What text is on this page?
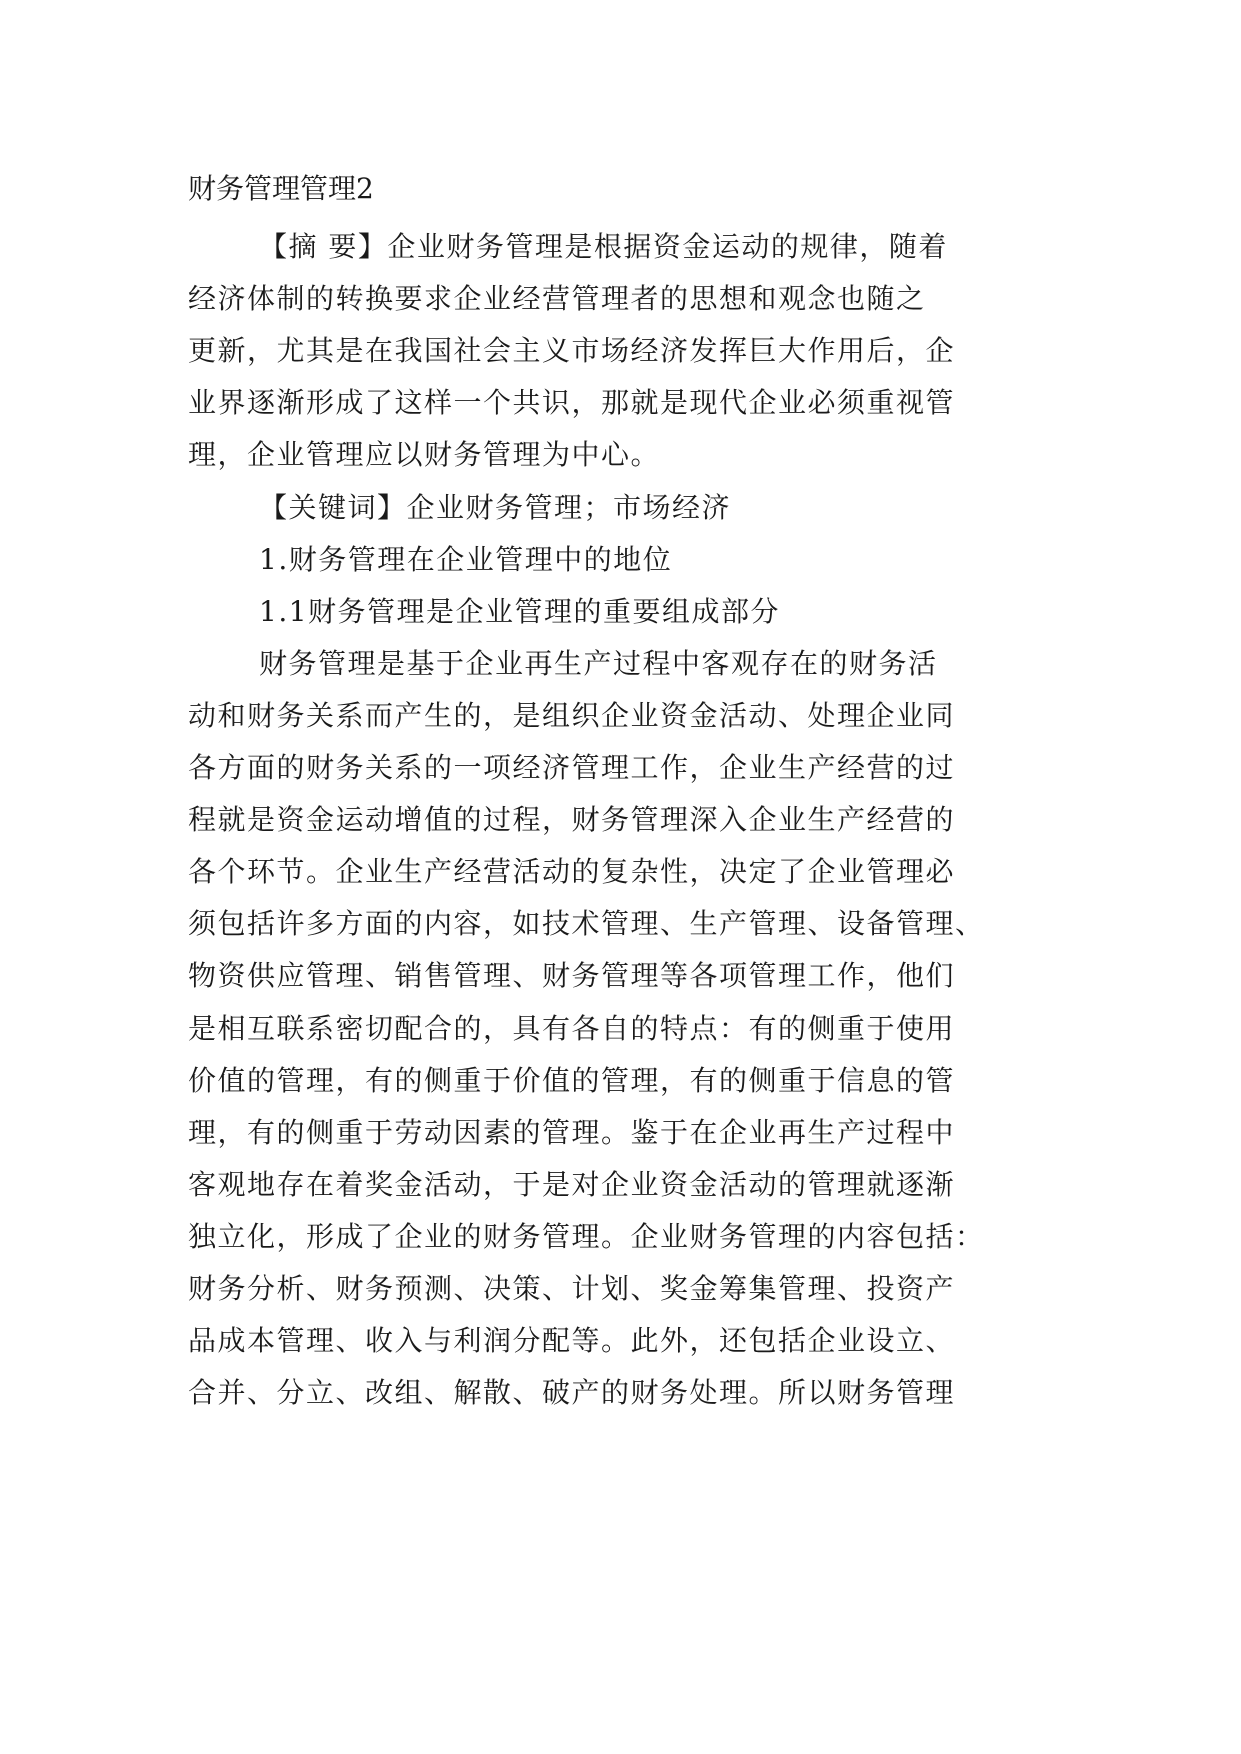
财务管理管理2

【摘 要】企业财务管理是根据资金运动的规律，随着

经济体制的转换要求企业经营管理者的思想和观念也随之

更新，尤其是在我国社会主义市场经济发挥巨大作用后，企

业界逐渐形成了这样一个共识，那就是现代企业必须重视管

理，企业管理应以财务管理为中心。

【关键词】企业财务管理；市场经济

1.财务管理在企业管理中的地位

1.1财务管理是企业管理的重要组成部分

财务管理是基于企业再生产过程中客观存在的财务活

动和财务关系而产生的，是组织企业资金活动、处理企业同

各方面的财务关系的一项经济管理工作，企业生产经营的过

程就是资金运动增值的过程，财务管理深入企业生产经营的

各个环节。企业生产经营活动的复杂性，决定了企业管理必

须包括许多方面的内容，如技术管理、生产管理、设备管理、

物资供应管理、销售管理、财务管理等各项管理工作，他们

是相互联系密切配合的，具有各自的特点：有的侧重于使用

价值的管理，有的侧重于价值的管理，有的侧重于信息的管

理，有的侧重于劳动因素的管理。鉴于在企业再生产过程中

客观地存在着奖金活动，于是对企业资金活动的管理就逐渐

独立化，形成了企业的财务管理。企业财务管理的内容包括：

财务分析、财务预测、决策、计划、奖金筹集管理、投资产

品成本管理、收入与利润分配等。此外，还包括企业设立、

合并、分立、改组、解散、破产的财务处理。所以财务管理
